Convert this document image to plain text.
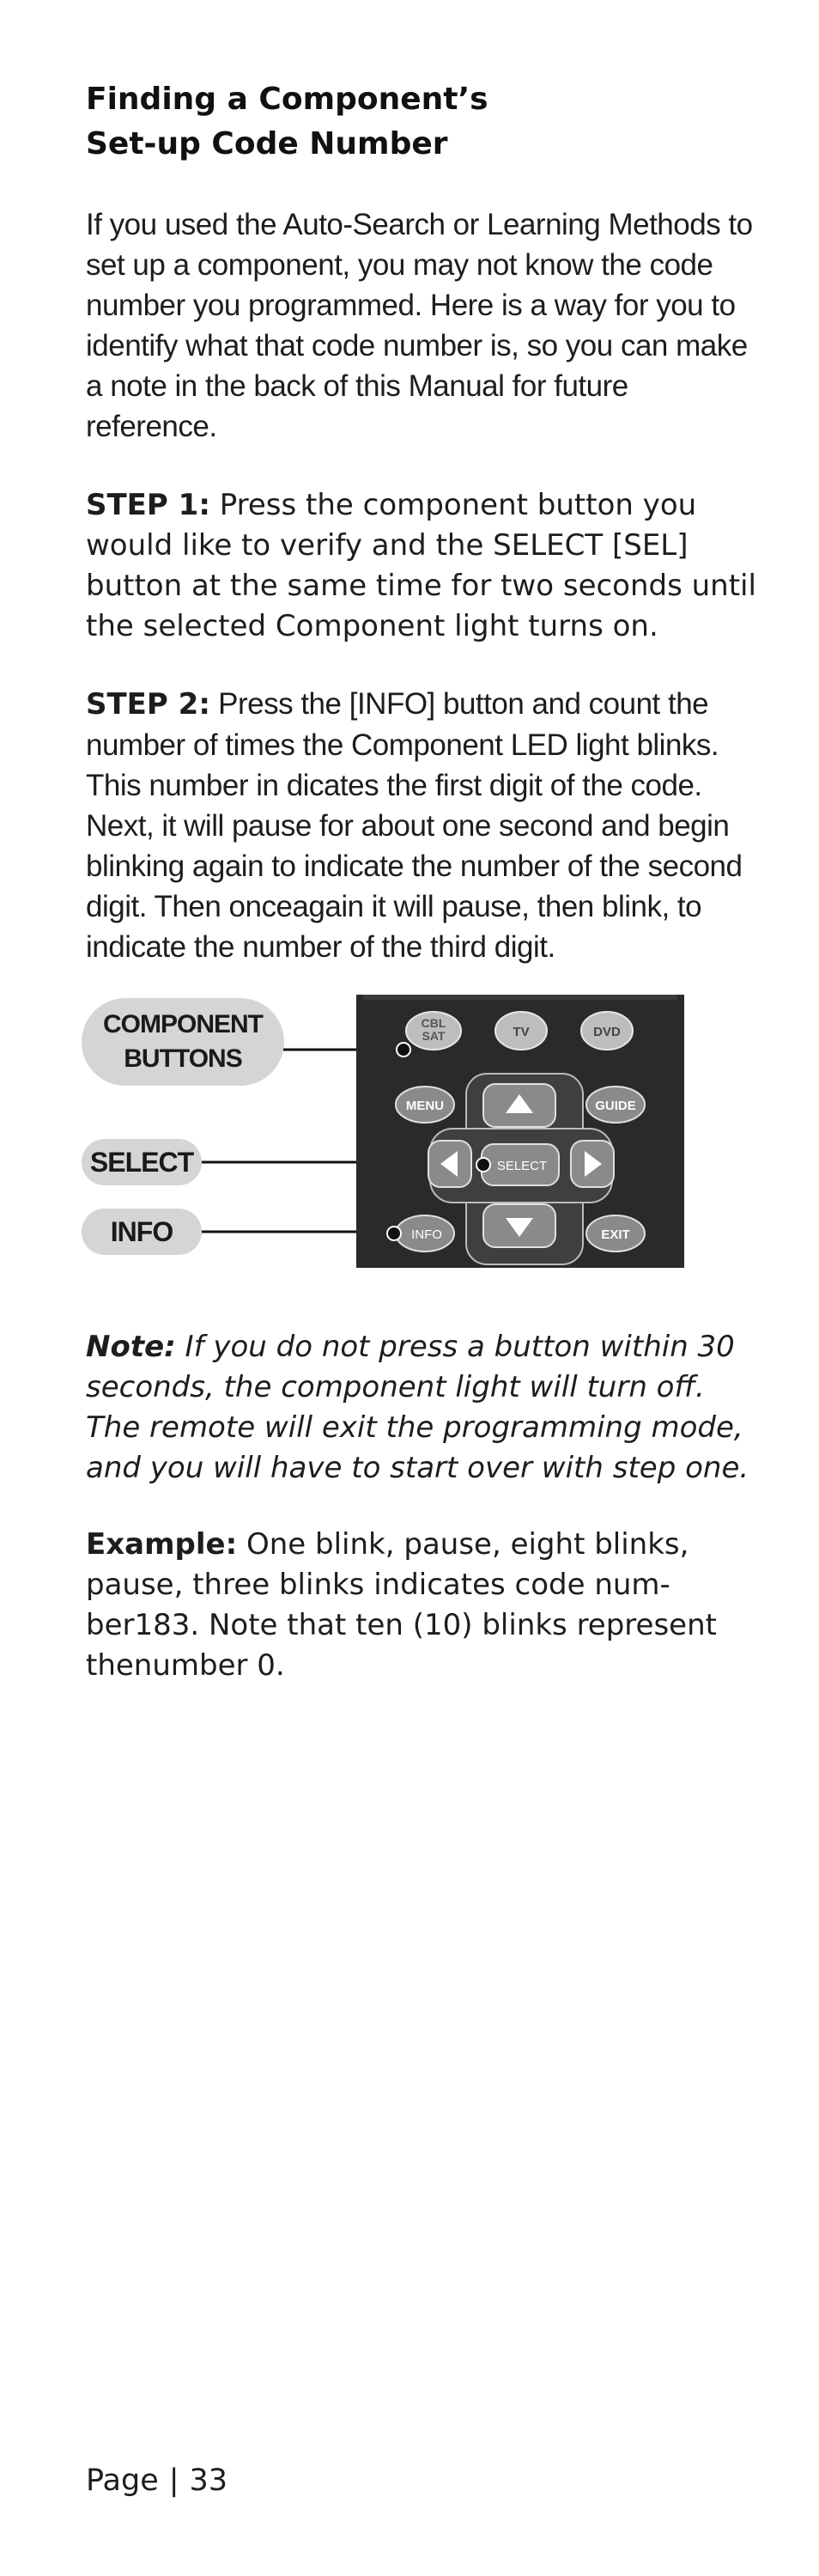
Finding a Component’s
Set-up Code Number

If you used the Auto-Search or Learning Methods to set up a component, you may not know the code number you programmed. Here is a way for you to identify what that code number is, so you can make a note in the back of this Manual for future reference.

STEP 1: Press the component button you would like to verify and the SELECT [SEL] button at the same time for two seconds until the selected Component light turns on.

STEP 2: Press the [INFO] button and count the number of times the Component LED light blinks. This number in dicates the first digit of the code. Next, it will pause for about one second and begin blinking again to indicate the number of the second digit. Then onceagain it will pause, then blink, to indicate the number of the third digit.

COMPONENT
BUTTONS
SELECT
INFO
CBL
SAT	TV	DVD
MENU	GUIDE
SELECT
INFO	EXIT

Note: If you do not press a button within 30 seconds, the component light will turn off. The remote will exit the programming mode, and you will have to start over with step one.

Example: One blink, pause, eight blinks, pause, three blinks indicates code num-ber183. Note that ten (10) blinks represent thenumber 0.

Page | 33
